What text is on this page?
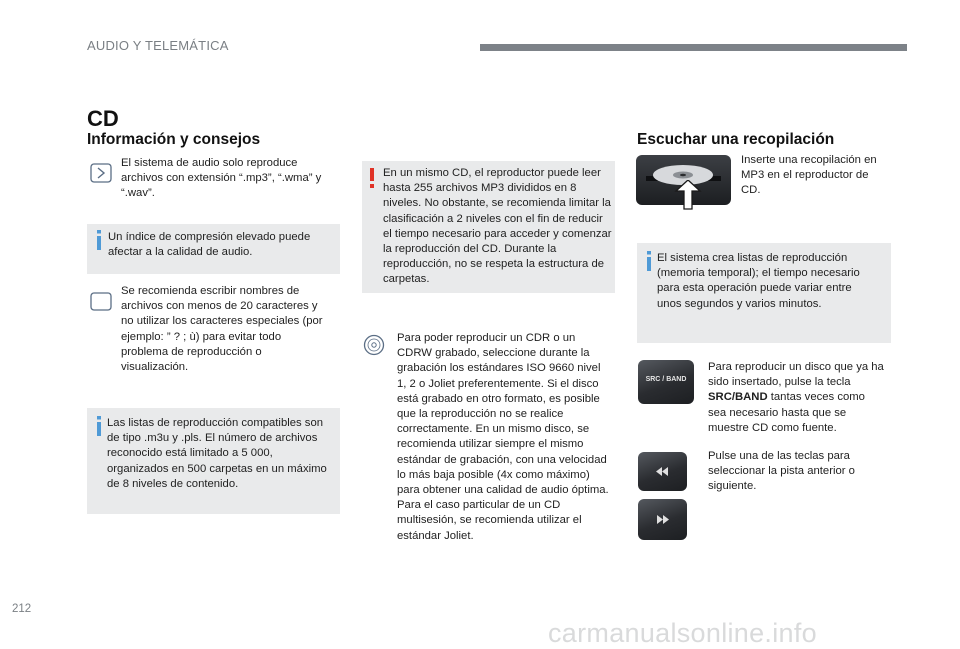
AUDIO Y TELEMÁTICA
CD
Información y consejos
El sistema de audio solo reproduce archivos con extensión “.mp3”, “.wma” y “.wav”.
Un índice de compresión elevado puede afectar a la calidad de audio.
Se recomienda escribir nombres de archivos con menos de 20 caracteres y no utilizar los caracteres especiales (por ejemplo: ” ? ; ù) para evitar todo problema de reproducción o visualización.
Las listas de reproducción compatibles son de tipo .m3u y .pls. El número de archivos reconocido está limitado a 5 000, organizados en 500 carpetas en un máximo de 8 niveles de contenido.
En un mismo CD, el reproductor puede leer hasta 255 archivos MP3 divididos en 8 niveles. No obstante, se recomienda limitar la clasificación a 2 niveles con el fin de reducir el tiempo necesario para acceder y comenzar la reproducción del CD. Durante la reproducción, no se respeta la estructura de carpetas.
Para poder reproducir un CDR o un CDRW grabado, seleccione durante la grabación los estándares ISO 9660 nivel 1, 2 o Joliet preferentemente. Si el disco está grabado en otro formato, es posible que la reproducción no se realice correctamente. En un mismo disco, se recomienda utilizar siempre el mismo estándar de grabación, con una velocidad lo más baja posible (4x como máximo) para obtener una calidad de audio óptima. Para el caso particular de un CD multisesión, se recomienda utilizar el estándar Joliet.
Escuchar una recopilación
Inserte una recopilación en MP3 en el reproductor de CD.
El sistema crea listas de reproducción (memoria temporal); el tiempo necesario para esta operación puede variar entre unos segundos y varios minutos.
SRC / BAND
Para reproducir un disco que ya ha sido insertado, pulse la tecla SRC/BAND tantas veces como sea necesario hasta que se muestre CD como fuente.
Pulse una de las teclas para seleccionar la pista anterior o siguiente.
212
carmanualsonline.info
